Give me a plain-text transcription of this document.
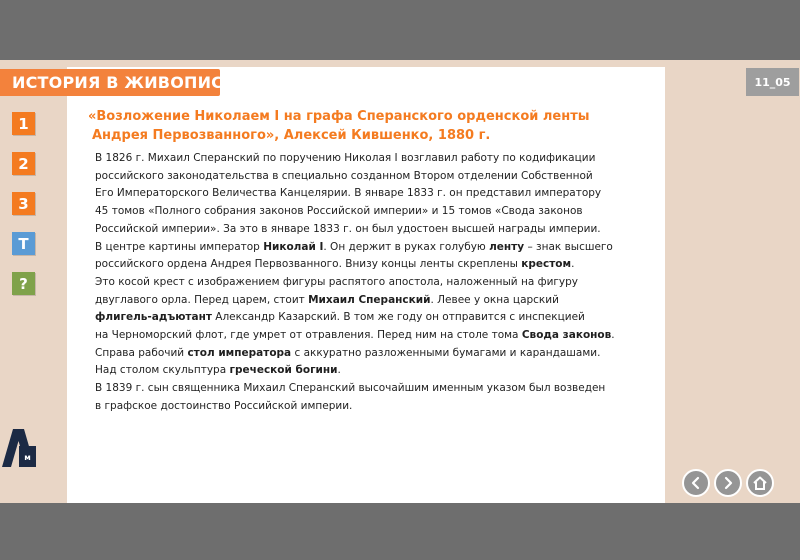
ИСТОРИЯ В ЖИВОПИСИ	11_05
1
2
3
T
?
м
«Возложение Николаем I на графа Сперанского орденской ленты
Андрея Первозванного», Алексей Кившенко, 1880 г.

В 1826 г. Михаил Сперанский по поручению Николая I возглавил работу по кодификации

российского законодательства в специально созданном Втором отделении Собственной

Его Императорского Величества Канцелярии. В январе 1833 г. он представил императору

45 томов «Полного собрания законов Российской империи» и 15 томов «Свода законов

Российской империи». За это в январе 1833 г. он был удостоен высшей награды империи.

В центре картины император Николай I. Он держит в руках голубую ленту – знак высшего

российского ордена Андрея Первозванного. Внизу концы ленты скреплены крестом.

Это косой крест с изображением фигуры распятого апостола, наложенный на фигуру

двуглавого орла. Перед царем, стоит Михаил Сперанский. Левее у окна царский

флигель-адъютант Александр Казарский. В том же году он отправится с инспекцией

на Черноморский флот, где умрет от отравления. Перед ним на столе тома Свода законов.

Справа рабочий стол императора с аккуратно разложенными бумагами и карандашами.

Над столом скульптура греческой богини.

В 1839 г. сын священника Михаил Сперанский высочайшим именным указом был возведен

в графское достоинство Российской империи.
